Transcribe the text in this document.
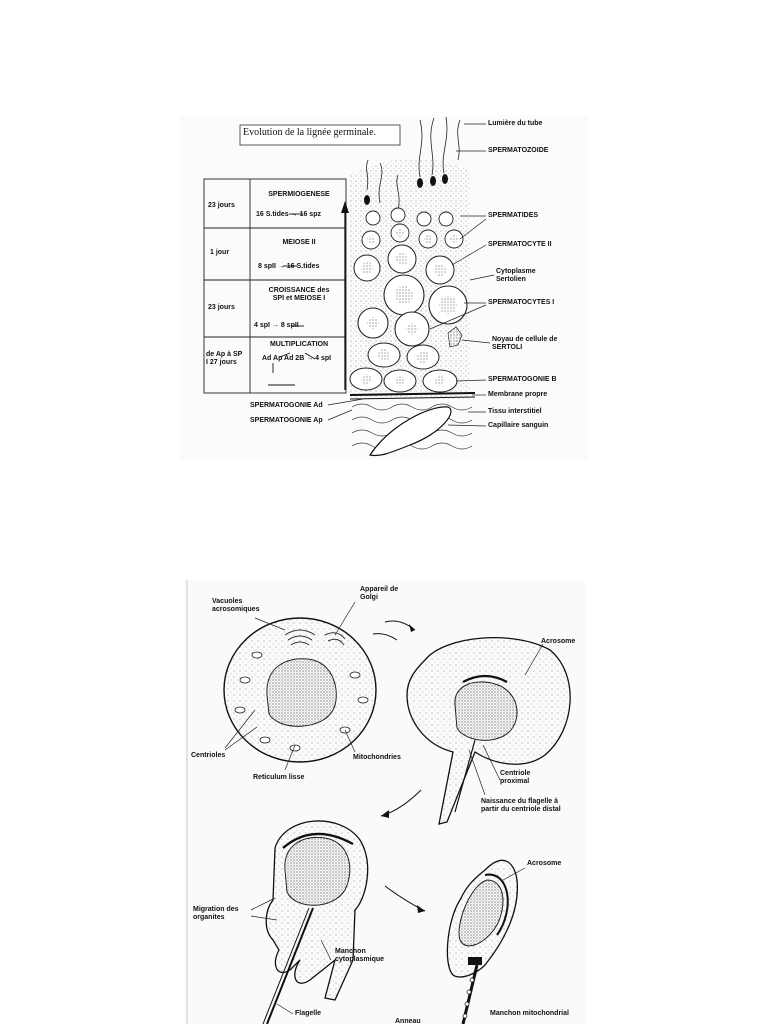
Evolution de la lignée germinale.
23 jours
SPERMIOGENESE
16 S.tides → 16 spz
1 jour
MEIOSE II
8 spII → 16 S.tides
23 jours
CROISSANCE des SPI et MEIOSE I
4 spI → 8 spII
de Ap à SP I 27 jours
MULTIPLICATION
Ad Ap Ad 2B → 4 spI
SPERMATOGONIE Ad
SPERMATOGONIE Ap
Lumière du tube
SPERMATOZOIDE
SPERMATIDES
SPERMATOCYTE II
Cytoplasme Sertolien
SPERMATOCYTES I
Noyau de cellule de SERTOLI
SPERMATOGONIE B
Membrane propre
Tissu interstitiel
Capillaire sanguin
Vacuoles acrosomiques
Appareil de Golgi
Acrosome
Centrioles
Reticulum lisse
Mitochondries
Centriole proximal
Naissance du flagelle à partir du centriole distal
Migration des organites
Manchon cytoplasmique
Acrosome
Flagelle
Anneau
Manchon mitochondrial
